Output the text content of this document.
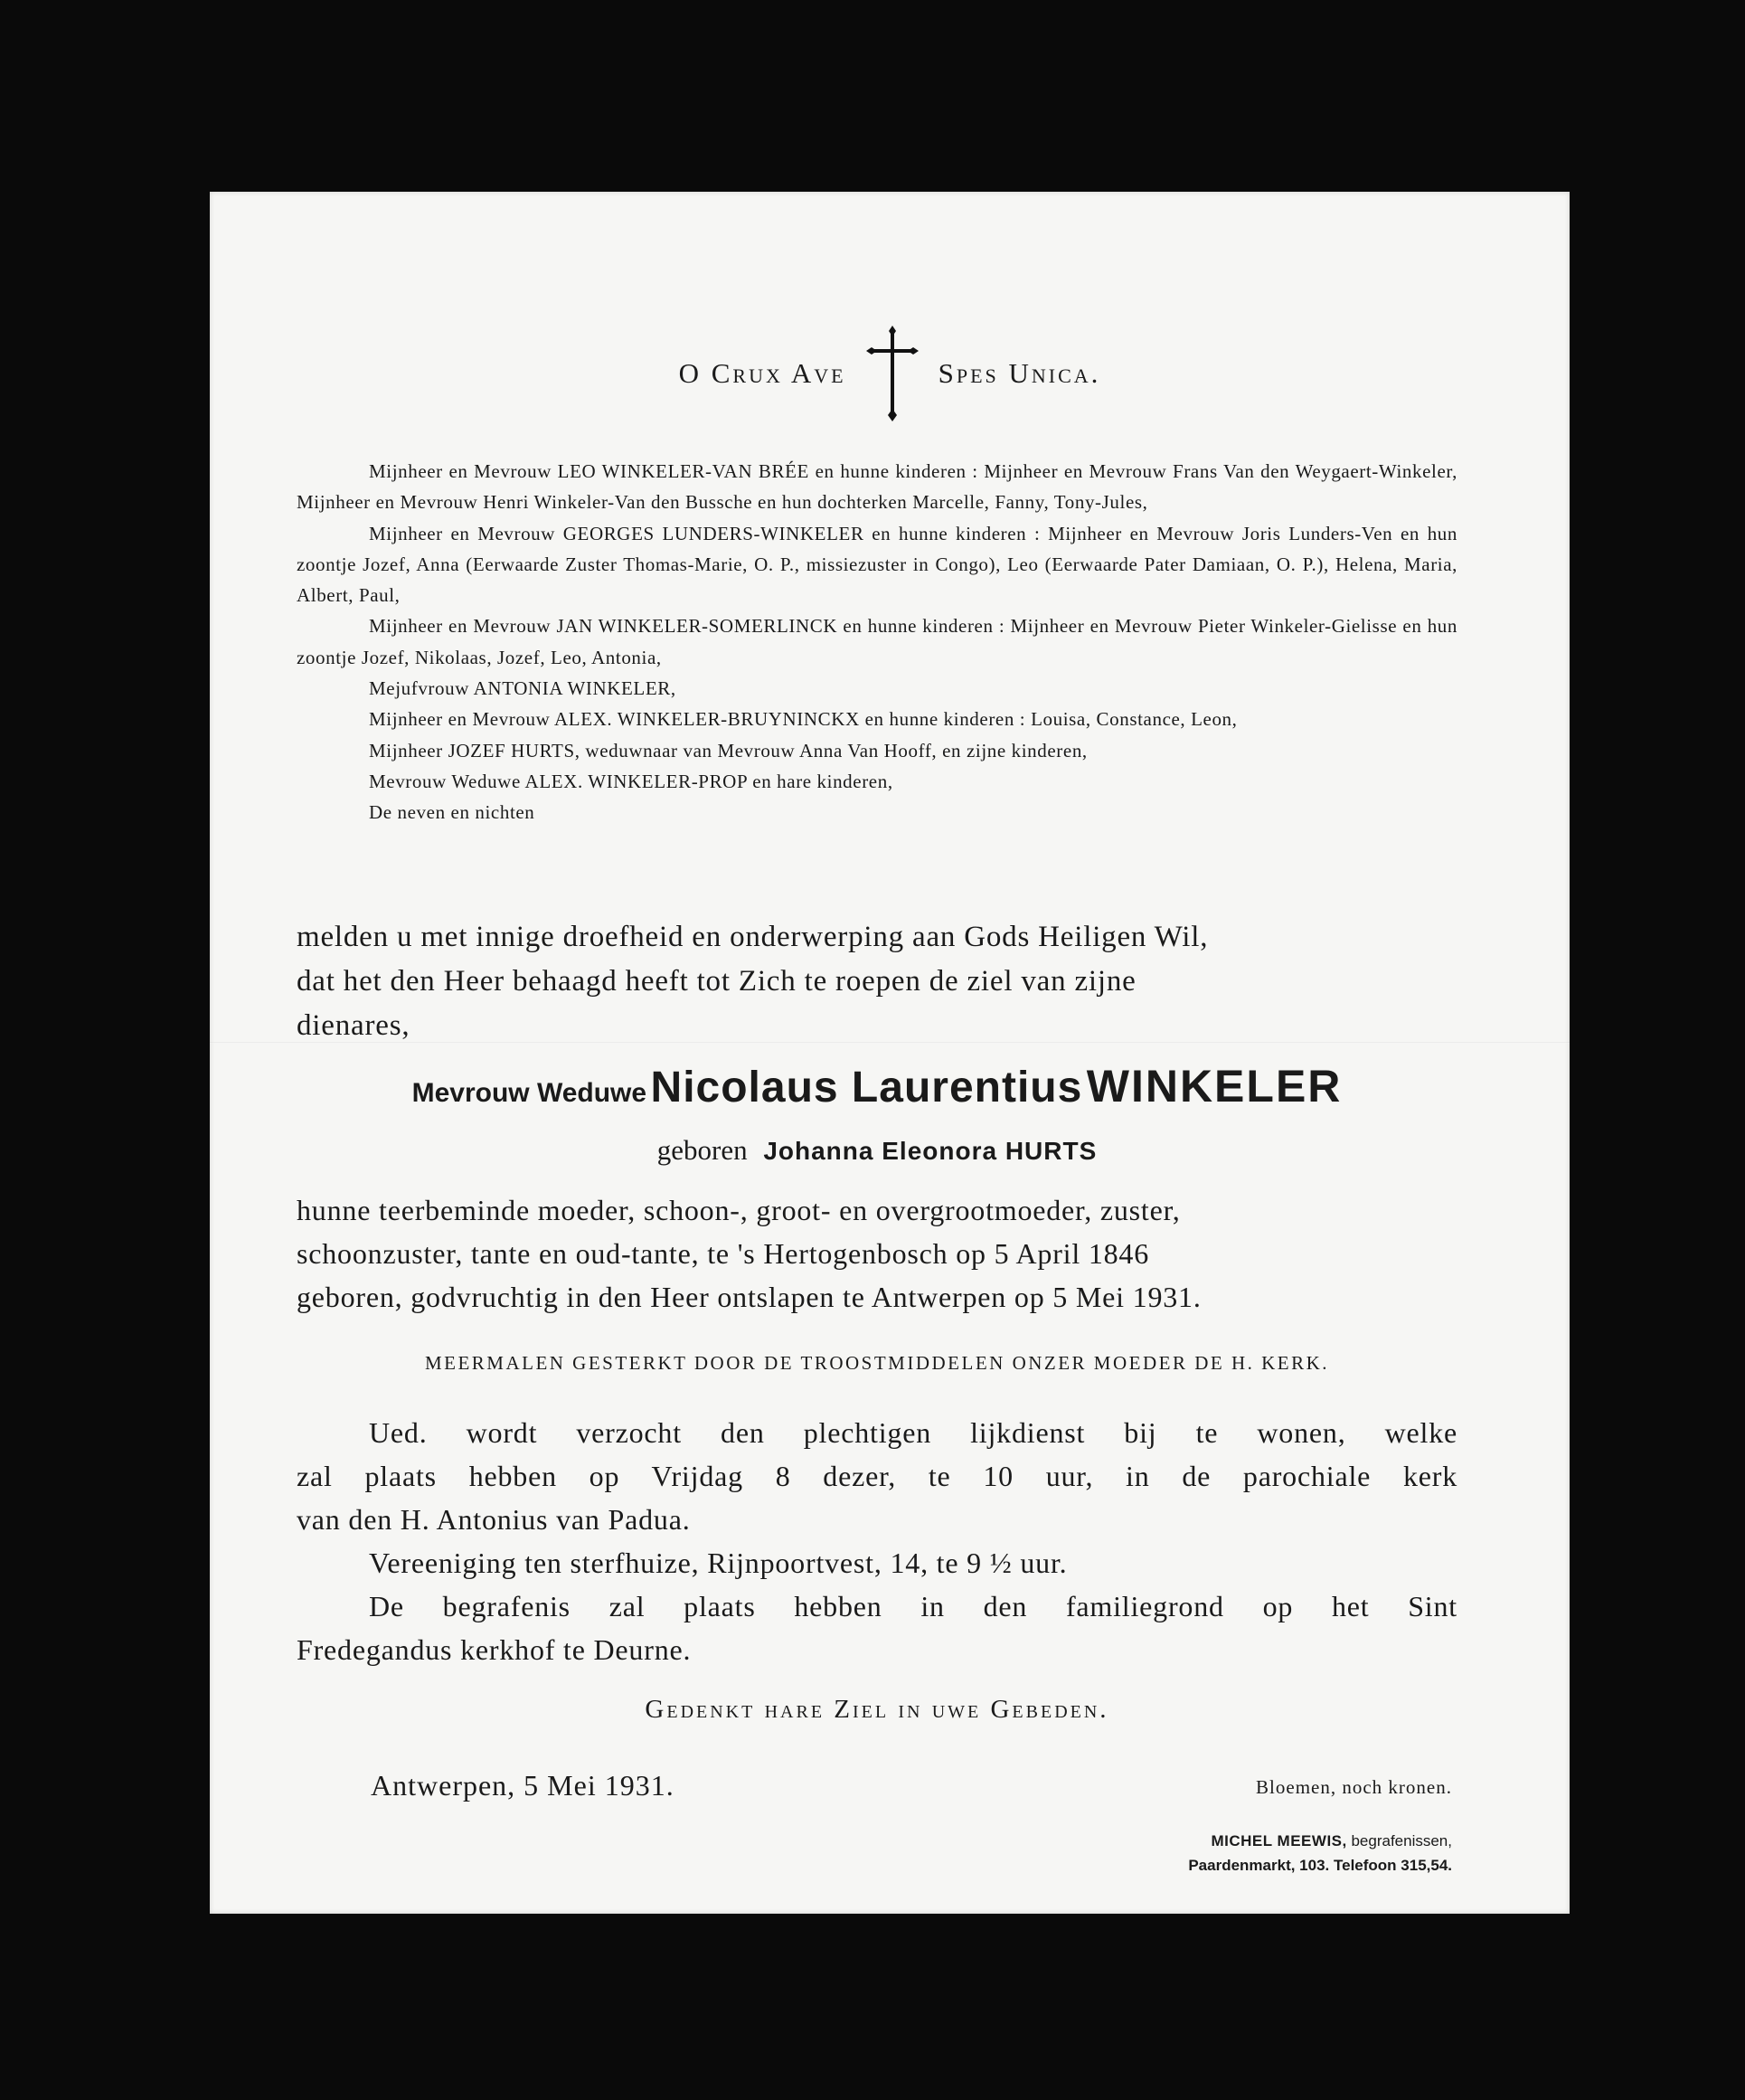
O Crux Ave	Spes Unica.

Mijnheer en Mevrouw LEO WINKELER-VAN BRÉE en hunne kinderen : Mijnheer en Mevrouw Frans Van den Weygaert-Winkeler, Mijnheer en Mevrouw Henri Winkeler-Van den Bussche en hun dochterken Marcelle, Fanny, Tony-Jules,

Mijnheer en Mevrouw GEORGES LUNDERS-WINKELER en hunne kinderen : Mijnheer en Mevrouw Joris Lunders-Ven en hun zoontje Jozef, Anna (Eerwaarde Zuster Thomas-Marie, O. P., missiezuster in Congo), Leo (Eerwaarde Pater Damiaan, O. P.), Helena, Maria, Albert, Paul,

Mijnheer en Mevrouw JAN WINKELER-SOMERLINCK en hunne kinderen : Mijnheer en Mevrouw Pieter Winkeler-Gielisse en hun zoontje Jozef, Nikolaas, Jozef, Leo, Antonia,

Mejufvrouw ANTONIA WINKELER,

Mijnheer en Mevrouw ALEX. WINKELER-BRUYNINCKX en hunne kinderen : Louisa, Constance, Leon,

Mijnheer JOZEF HURTS, weduwnaar van Mevrouw Anna Van Hooff, en zijne kinderen,

Mevrouw Weduwe ALEX. WINKELER-PROP en hare kinderen,

De neven en nichten

melden u met innige droefheid en onderwerping aan Gods Heiligen Wil,
dat het den Heer behaagd heeft tot Zich te roepen de ziel van zijne
dienares,
Mevrouw Weduwe Nicolaus Laurentius WINKELER
geboren Johanna Eleonora HURTS
hunne teerbeminde moeder, schoon-, groot- en overgrootmoeder, zuster,
schoonzuster, tante en oud-tante, te 's Hertogenbosch op 5 April 1846
geboren, godvruchtig in den Heer ontslapen te Antwerpen op 5 Mei 1931.
MEERMALEN GESTERKT DOOR DE TROOSTMIDDELEN ONZER MOEDER DE H. KERK.
Ued. wordt verzocht den plechtigen lijkdienst bij te wonen, welke
zal plaats hebben op Vrijdag 8 dezer, te 10 uur, in de parochiale kerk
van den H. Antonius van Padua.
Vereeniging ten sterfhuize, Rijnpoortvest, 14, te 9 ½ uur.
De begrafenis zal plaats hebben in den familiegrond op het Sint
Fredegandus kerkhof te Deurne.
Gedenkt hare Ziel in uwe Gebeden.
Antwerpen, 5 Mei 1931.	Bloemen, noch kronen.
MICHEL MEEWIS, begrafenissen,
Paardenmarkt, 103. Telefoon 315,54.
